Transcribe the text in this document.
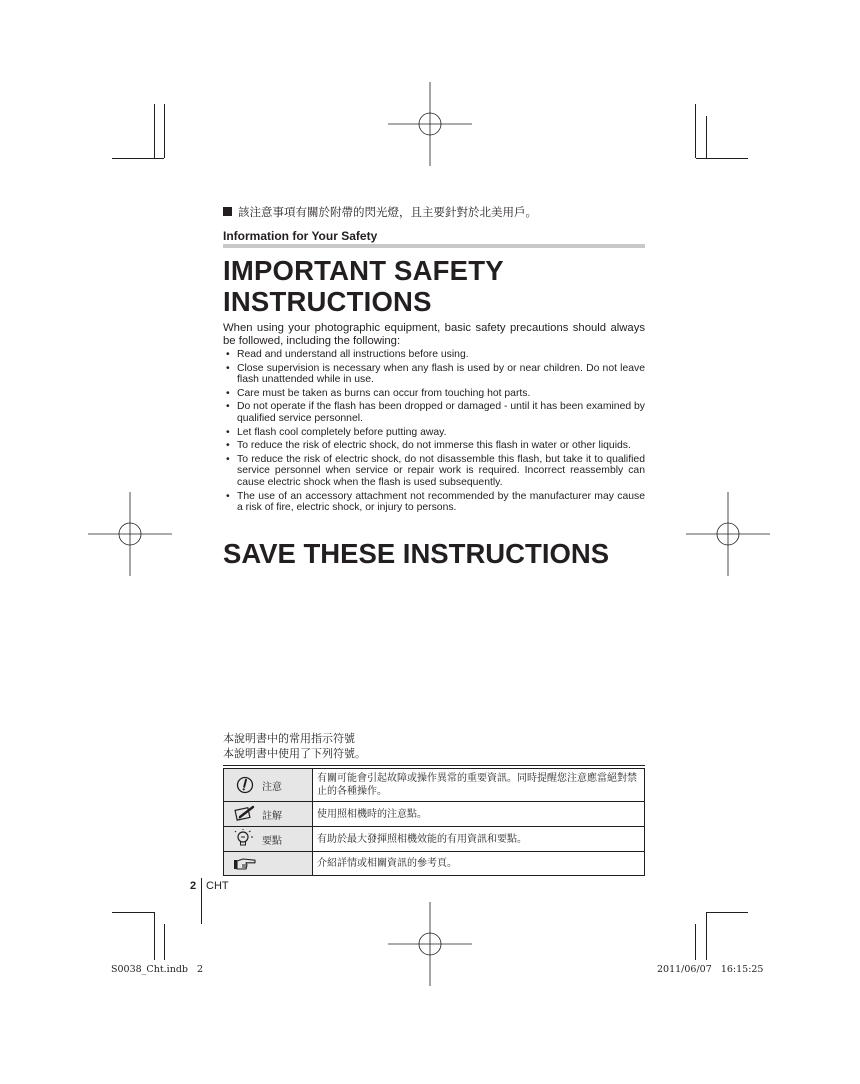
該注意事項有關於附帶的閃光燈，且主要針對於北美用戶。
Information for Your Safety
IMPORTANT SAFETY
INSTRUCTIONS
When using your photographic equipment, basic safety precautions should always be followed, including the following:
• Read and understand all instructions before using.
• Close supervision is necessary when any flash is used by or near children. Do not leave flash unattended while in use.
• Care must be taken as burns can occur from touching hot parts.
• Do not operate if the flash has been dropped or damaged - until it has been examined by qualified service personnel.
• Let flash cool completely before putting away.
• To reduce the risk of electric shock, do not immerse this flash in water or other liquids.
• To reduce the risk of electric shock, do not disassemble this flash, but take it to qualified service personnel when service or repair work is required. Incorrect reassembly can cause electric shock when the flash is used subsequently.
• The use of an accessory attachment not recommended by the manufacturer may cause a risk of fire, electric shock, or injury to persons.
SAVE THESE INSTRUCTIONS
本說明書中的常用指示符號
本說明書中使用了下列符號。
注意	有關可能會引起故障或操作異常的重要資訊。同時提醒您注意應當絕對禁止的各種操作。

註解	使用照相機時的注意點。

要點	有助於最大發揮照相機效能的有用資訊和要點。

	介紹詳情或相關資訊的參考頁。
2 CHT
S0038_Cht.indb   2	2011/06/07   16:15:25
